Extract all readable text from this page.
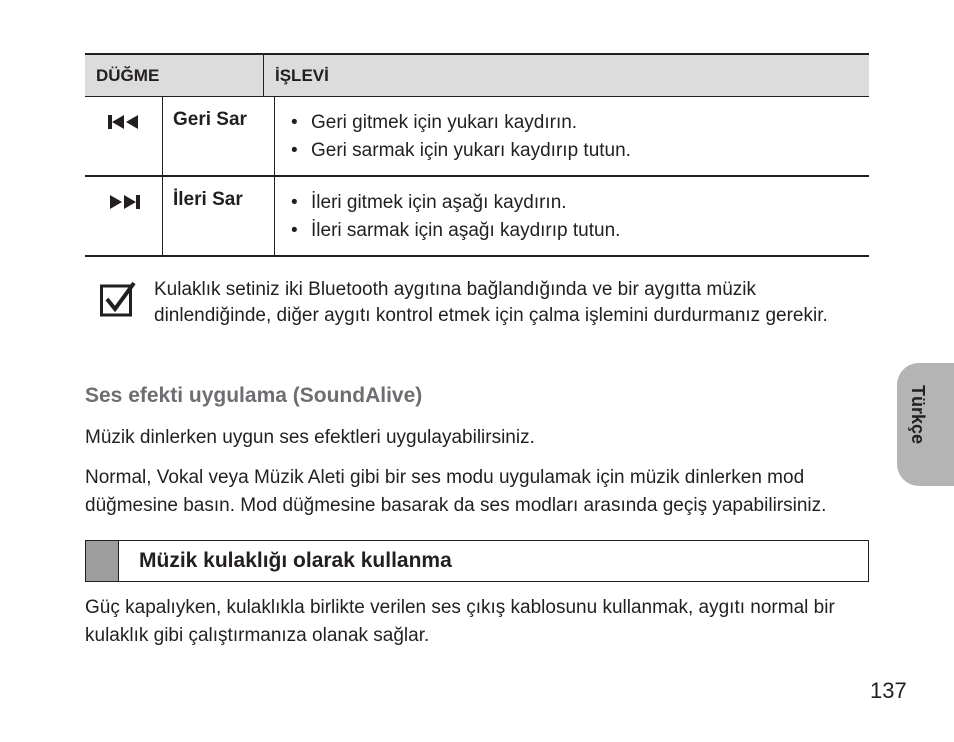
DÜĞME	İŞLEVİ
Geri Sar	• Geri gitmek için yukarı kaydırın.
• Geri sarmak için yukarı kaydırıp tutun.
İleri Sar	• İleri gitmek için aşağı kaydırın.
• İleri sarmak için aşağı kaydırıp tutun.
Kulaklık setiniz iki Bluetooth aygıtına bağlandığında ve bir aygıtta müzik dinlendiğinde, diğer aygıtı kontrol etmek için çalma işlemini durdurmanız gerekir.
Ses efekti uygulama (SoundAlive)
Müzik dinlerken uygun ses efektleri uygulayabilirsiniz.
Normal, Vokal veya Müzik Aleti gibi bir ses modu uygulamak için müzik dinlerken mod düğmesine basın. Mod düğmesine basarak da ses modları arasında geçiş yapabilirsiniz.
Müzik kulaklığı olarak kullanma
Güç kapalıyken, kulaklıkla birlikte verilen ses çıkış kablosunu kullanmak, aygıtı normal bir kulaklık gibi çalıştırmanıza olanak sağlar.
Türkçe
137
